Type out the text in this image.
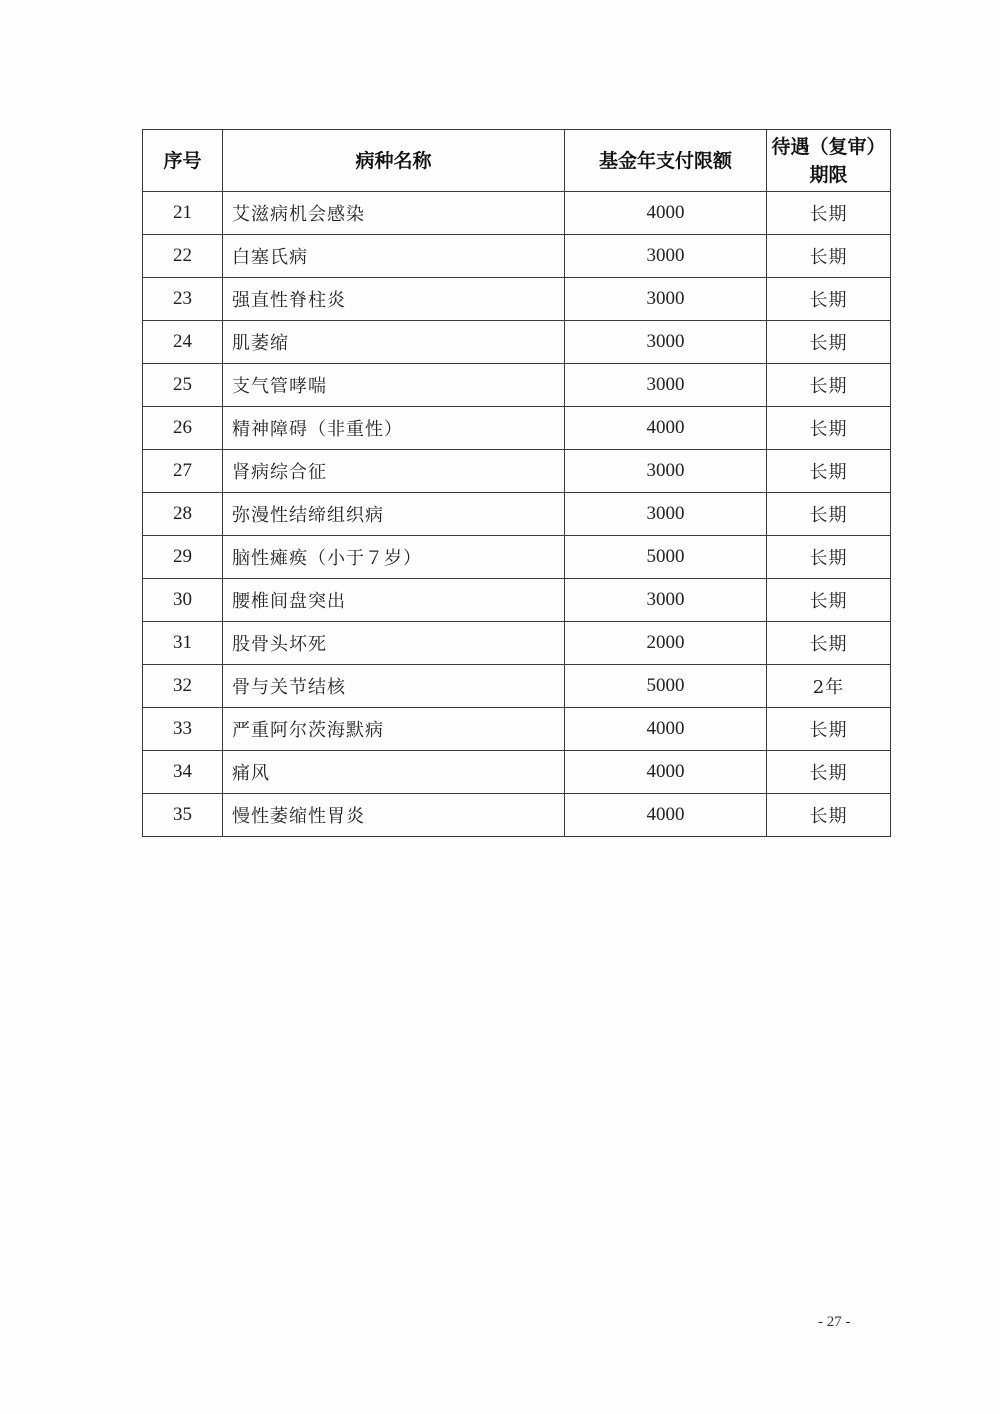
序号	病种名称	基金年支付限额	待遇（复审）
期限

21	艾滋病机会感染	4000	长期
22	白塞氏病	3000	长期
23	强直性脊柱炎	3000	长期
24	肌萎缩	3000	长期
25	支气管哮喘	3000	长期
26	精神障碍（非重性）	4000	长期
27	肾病综合征	3000	长期
28	弥漫性结缔组织病	3000	长期
29	脑性瘫痪（小于７岁）	5000	长期
30	腰椎间盘突出	3000	长期
31	股骨头坏死	2000	长期
32	骨与关节结核	5000	2年
33	严重阿尔茨海默病	4000	长期
34	痛风	4000	长期
35	慢性萎缩性胃炎	4000	长期
- 27 -
